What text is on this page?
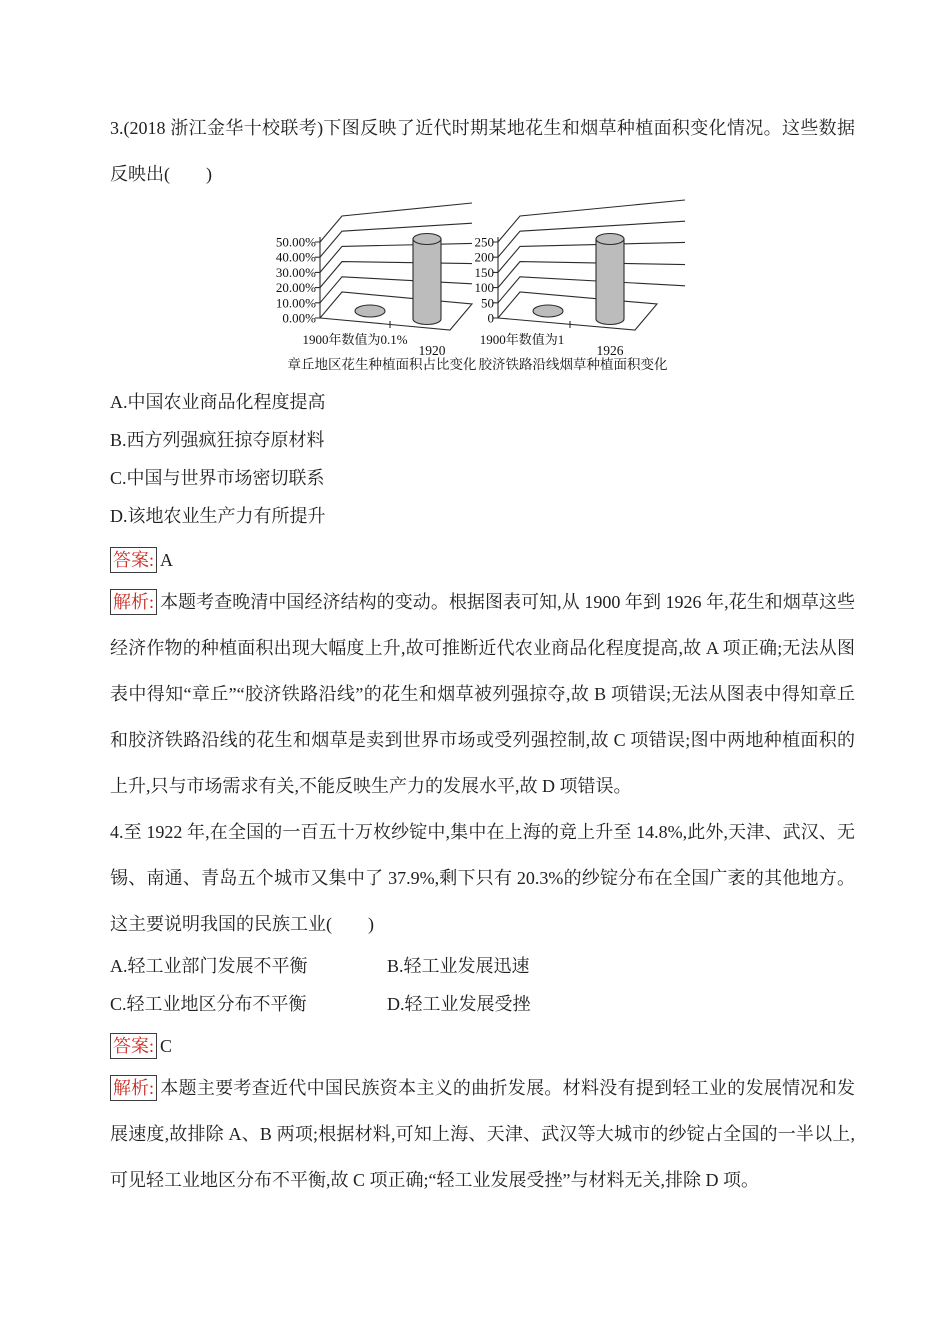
3.(2018 浙江金华十校联考)下图反映了近代时期某地花生和烟草种植面积变化情况。这些数据反映出(　　)

50.00%
40.00%
30.00%
20.00%
10.00%
0.00%
1900年数值为0.1%
1920
章丘地区花生种植面积占比变化
250
200
150
100
50
0
1900年数值为1
1926
胶济铁路沿线烟草种植面积变化
A.中国农业商品化程度提高
B.西方列强疯狂掠夺原材料
C.中国与世界市场密切联系
D.该地农业生产力有所提升

答案: A

解析: 本题考查晚清中国经济结构的变动。根据图表可知,从 1900 年到 1926 年,花生和烟草这些经济作物的种植面积出现大幅度上升,故可推断近代农业商品化程度提高,故 A 项正确;无法从图表中得知“章丘”“胶济铁路沿线”的花生和烟草被列强掠夺,故 B 项错误;无法从图表中得知章丘和胶济铁路沿线的花生和烟草是卖到世界市场或受列强控制,故 C 项错误;图中两地种植面积的上升,只与市场需求有关,不能反映生产力的发展水平,故 D 项错误。

4.至 1922 年,在全国的一百五十万枚纱锭中,集中在上海的竟上升至 14.8%,此外,天津、武汉、无锡、南通、青岛五个城市又集中了 37.9%,剩下只有 20.3%的纱锭分布在全国广袤的其他地方。这主要说明我国的民族工业(　　)

A.轻工业部门发展不平衡	B.轻工业发展迅速
C.轻工业地区分布不平衡	D.轻工业发展受挫

答案: C

解析: 本题主要考查近代中国民族资本主义的曲折发展。材料没有提到轻工业的发展情况和发展速度,故排除 A、B 两项;根据材料,可知上海、天津、武汉等大城市的纱锭占全国的一半以上,可见轻工业地区分布不平衡,故 C 项正确;“轻工业发展受挫”与材料无关,排除 D 项。
